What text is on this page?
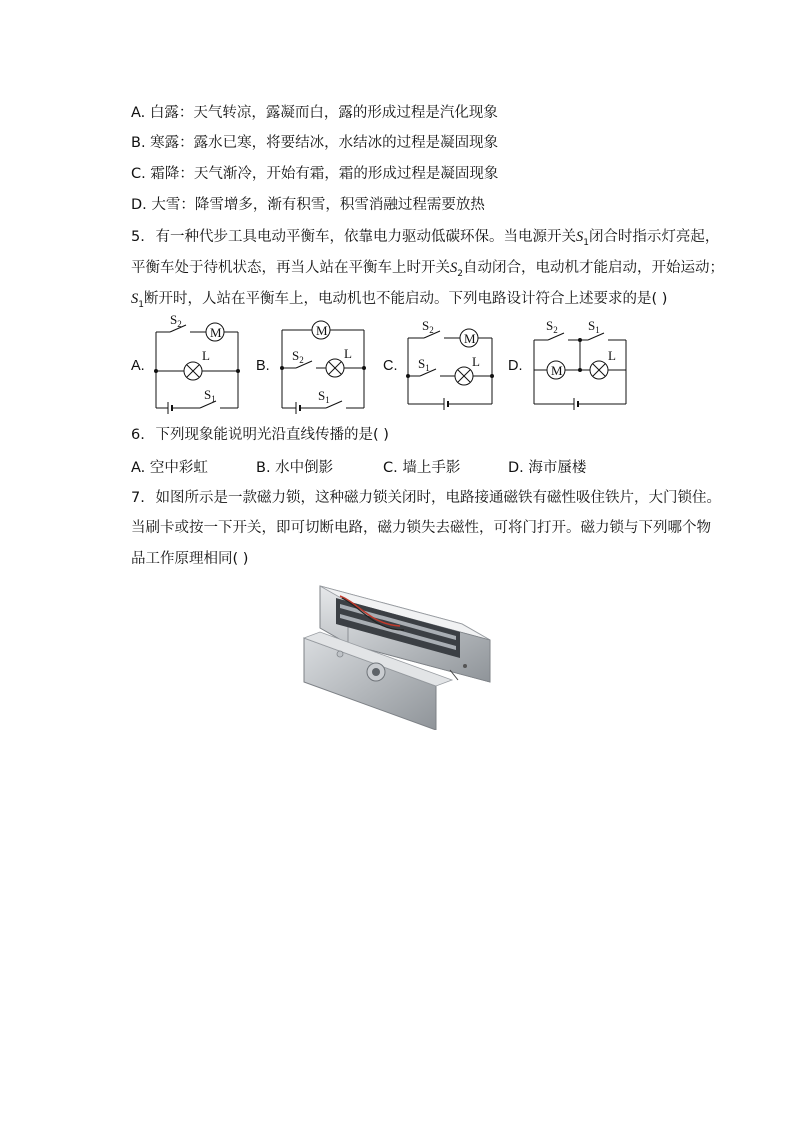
A. 白露：天气转凉，露凝而白，露的形成过程是汽化现象
B. 寒露：露水已寒，将要结冰，水结冰的过程是凝固现象
C. 霜降：天气渐冷，开始有霜，霜的形成过程是凝固现象
D. 大雪：降雪增多，渐有积雪，积雪消融过程需要放热
5. 有一种代步工具电动平衡车，依靠电力驱动低碳环保。当电源开关$S_1$闭合时指示灯亮起，
平衡车处于待机状态，再当人站在平衡车上时开关$S_2$自动闭合，电动机才能启动，开始运动；
$S_1$断开时，人站在平衡车上，电动机也不能启动。下列电路设计符合上述要求的是( )
A.	B.	C.	D.
M
L
$S_2$
$S_1$
M
L
$S_2$
$S_1$
M
L
$S_2$
$S_1$	M
L
$S_2$ $S_1$
6. 下列现象能说明光沿直线传播的是( )
A. 空中彩虹	B. 水中倒影	C. 墙上手影	D. 海市蜃楼
7. 如图所示是一款磁力锁，这种磁力锁关闭时，电路接通磁铁有磁性吸住铁片，大门锁住。
当刷卡或按一下开关，即可切断电路，磁力锁失去磁性，可将门打开。磁力锁与下列哪个物
品工作原理相同( )
